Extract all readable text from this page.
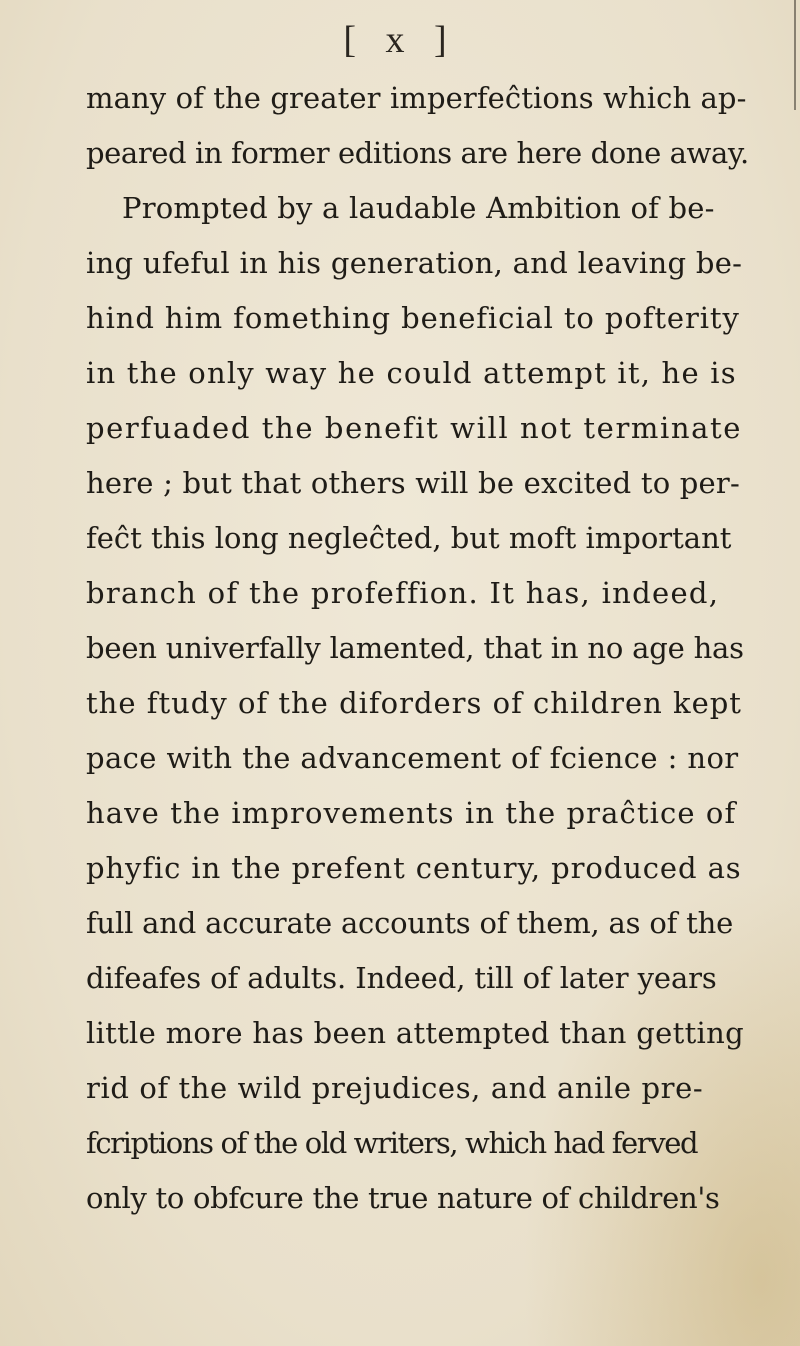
[ x ]
many of the greater imperfeĉtions which ap-
peared in former editions are here done away.
Prompted by a laudable Ambition of be-
ing ufeful in his generation, and leaving be-
hind him fomething beneficial to pofterity
in the only way he could attempt it, he is
perfuaded the benefit will not terminate
here ; but that others will be excited to per-
feĉt this long negleĉted, but moft important
branch of the profeffion. It has, indeed,
been univerfally lamented, that in no age has
the ftudy of the diforders of children kept
pace with the advancement of fcience : nor
have the improvements in the praĉtice of
phyfic in the prefent century, produced as
full and accurate accounts of them, as of the
difeafes of adults. Indeed, till of later years
little more has been attempted than getting
rid of the wild prejudices, and anile pre-
fcriptions of the old writers, which had ferved
only to obfcure the true nature of children's
